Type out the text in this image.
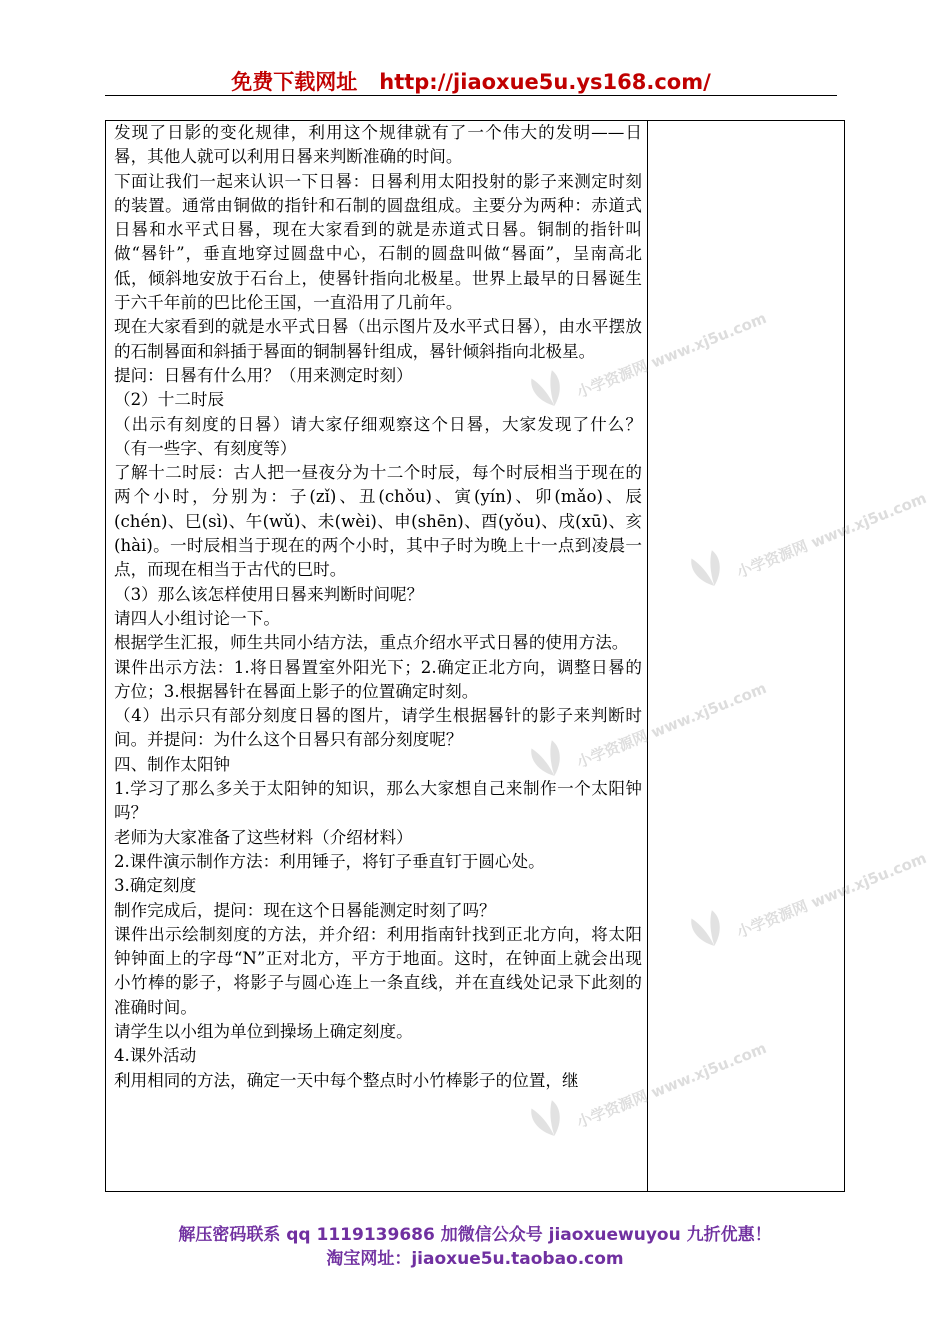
免费下载网址 http://jiaoxue5u.ys168.com/

发现了日影的变化规律，利用这个规律就有了一个伟大的发明——日晷，其他人就可以利用日晷来判断准确的时间。

下面让我们一起来认识一下日晷：日晷利用太阳投射的影子来测定时刻的装置。通常由铜做的指针和石制的圆盘组成。主要分为两种：赤道式日晷和水平式日晷，现在大家看到的就是赤道式日晷。铜制的指针叫做“晷针”，垂直地穿过圆盘中心，石制的圆盘叫做“晷面”，呈南高北低，倾斜地安放于石台上，使晷针指向北极星。世界上最早的日晷诞生于六千年前的巴比伦王国，一直沿用了几前年。

现在大家看到的就是水平式日晷（出示图片及水平式日晷），由水平摆放的石制晷面和斜插于晷面的铜制晷针组成，晷针倾斜指向北极星。

提问：日晷有什么用？（用来测定时刻）

（2）十二时辰

（出示有刻度的日晷）请大家仔细观察这个日晷，大家发现了什么？（有一些字、有刻度等）

了解十二时辰：古人把一昼夜分为十二个时辰，每个时辰相当于现在的两个小时，分别为：子(zǐ)、丑(chǒu)、寅(yín)、卯(mǎo)、辰(chén)、巳(sì)、午(wǔ)、未(wèi)、申(shēn)、酉(yǒu)、戌(xū)、亥(hài)。一时辰相当于现在的两个小时，其中子时为晚上十一点到凌晨一点，而现在相当于古代的巳时。

（3）那么该怎样使用日晷来判断时间呢？

请四人小组讨论一下。

根据学生汇报，师生共同小结方法，重点介绍水平式日晷的使用方法。

课件出示方法：1.将日晷置室外阳光下；2.确定正北方向，调整日晷的方位；3.根据晷针在晷面上影子的位置确定时刻。

（4）出示只有部分刻度日晷的图片，请学生根据晷针的影子来判断时间。并提问：为什么这个日晷只有部分刻度呢？

四、制作太阳钟

1.学习了那么多关于太阳钟的知识，那么大家想自己来制作一个太阳钟吗？

老师为大家准备了这些材料（介绍材料）

2.课件演示制作方法：利用锤子，将钉子垂直钉于圆心处。

3.确定刻度

制作完成后，提问：现在这个日晷能测定时刻了吗？

课件出示绘制刻度的方法，并介绍：利用指南针找到正北方向，将太阳钟钟面上的字母“N”正对北方，平方于地面。这时，在钟面上就会出现小竹棒的影子，将影子与圆心连上一条直线，并在直线处记录下此刻的准确时间。

请学生以小组为单位到操场上确定刻度。

4.课外活动

利用相同的方法，确定一天中每个整点时小竹棒影子的位置，继

小学资源网 www.xj5u.com
小学资源网 www.xj5u.com
小学资源网 www.xj5u.com
小学资源网 www.xj5u.com
小学资源网 www.xj5u.com
解压密码联系 qq 1119139686 加微信公众号 jiaoxuewuyou 九折优惠！
淘宝网址：jiaoxue5u.taobao.com
